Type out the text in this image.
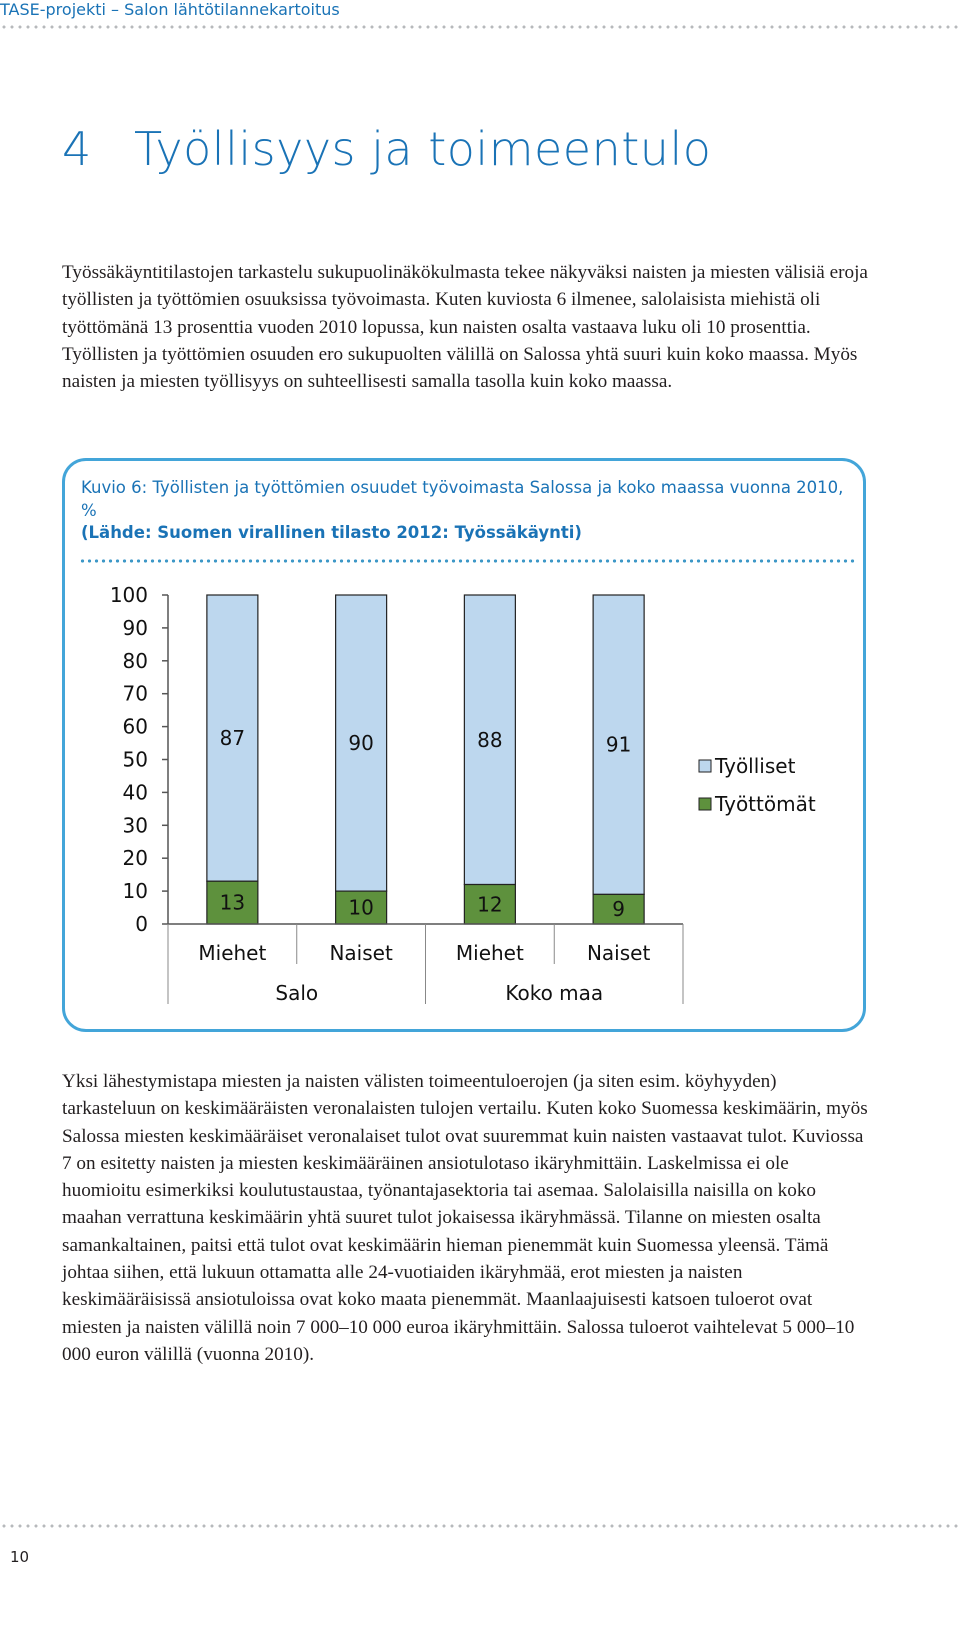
TASE-projekti – Salon lähtötilannekartoitus
4 Työllisyys ja toimeentulo

Työssäkäyntitilastojen tarkastelu sukupuolinäkökulmasta tekee näkyväksi naisten ja miesten välisiä eroja työllisten ja työttömien osuuksissa työvoimasta. Kuten kuviosta 6 ilmenee, salolaisista miehistä oli työttömänä 13 prosenttia vuoden 2010 lopussa, kun naisten osalta vastaava luku oli 10 prosenttia. Työllisten ja työttömien osuuden ero sukupuolten välillä on Salossa yhtä suuri kuin koko maassa. Myös naisten ja miesten työllisyys on suhteellisesti samalla tasolla kuin koko maassa.

Kuvio 6: Työllisten ja työttömien osuudet työvoimasta Salossa ja koko maassa vuonna 2010, %
(Lähde: Suomen virallinen tilasto 2012: Työssäkäynti)
0
10
20
30
40
50
60
70
80
90
100
87
13
Miehet
90
10
Naiset
88
12
Miehet
91
9
Naiset
Salo	Koko maa
Työlliset
Työttömät

Yksi lähestymistapa miesten ja naisten välisten toimeentuloerojen (ja siten esim. köyhyyden) tarkasteluun on keskimääräisten veronalaisten tulojen vertailu. Kuten koko Suomessa keskimäärin, myös Salossa miesten keskimääräiset veronalaiset tulot ovat suuremmat kuin naisten vastaavat tulot. Kuviossa 7 on esitetty naisten ja miesten keskimääräinen ansiotulotaso ikäryhmittäin. Laskelmissa ei ole huomioitu esimerkiksi koulutustaustaa, työnantajasektoria tai asemaa. Salolaisilla naisilla on koko maahan verrattuna keskimäärin yhtä suuret tulot jokaisessa ikäryhmässä. Tilanne on miesten osalta samankaltainen, paitsi että tulot ovat keskimäärin hieman pienemmät kuin Suomessa yleensä. Tämä johtaa siihen, että lukuun ottamatta alle 24-vuotiaiden ikäryhmää, erot miesten ja naisten keskimääräisissä ansiotuloissa ovat koko maata pienemmät. Maanlaajuisesti katsoen tuloerot ovat miesten ja naisten välillä noin 7 000–10 000 euroa ikäryhmittäin. Salossa tuloerot vaihtelevat 5 000–10 000 euron välillä (vuonna 2010).

10
